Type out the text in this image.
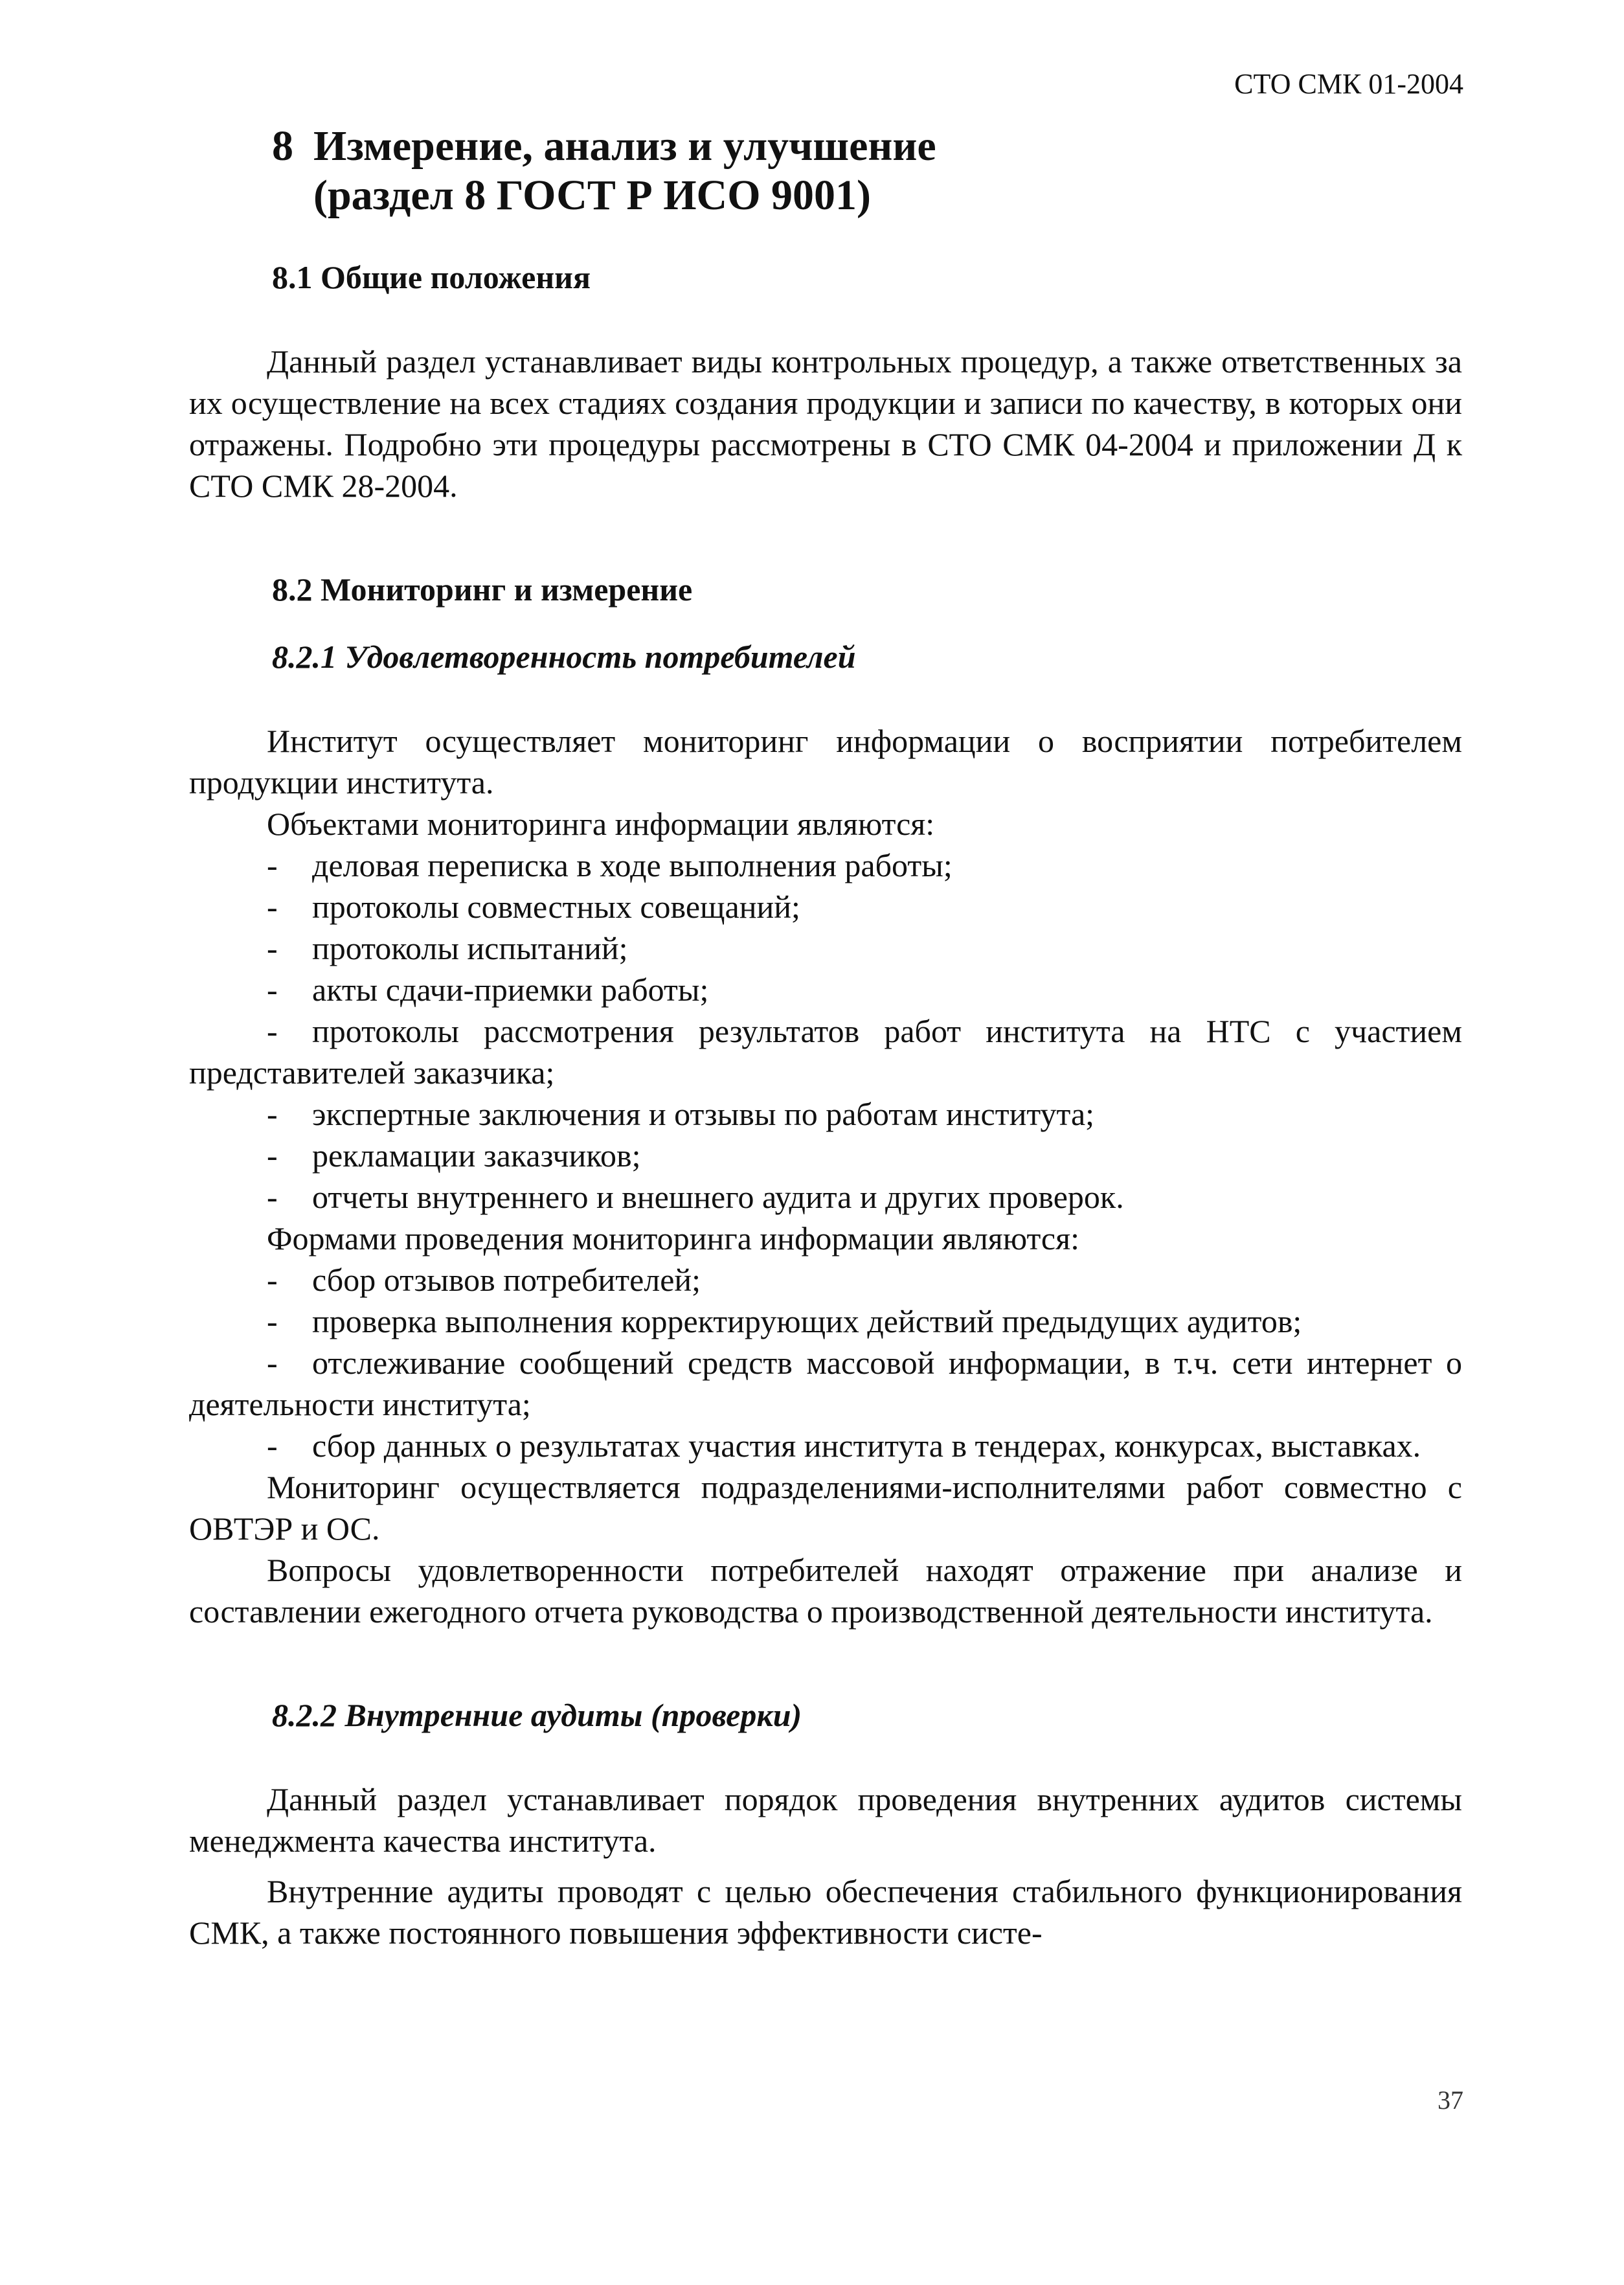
СТО СМК 01-2004
8 Измерение, анализ и улучшение
(раздел 8 ГОСТ Р ИСО 9001)
8.1 Общие положения

Данный раздел устанавливает виды контрольных процедур, а также ответственных за их осуществление на всех стадиях создания продукции и записи по качеству, в которых они отражены. Подробно эти процедуры рассмотрены в СТО СМК 04-2004 и приложении Д к СТО СМК 28-2004.

8.2 Мониторинг и измерение
8.2.1 Удовлетворенность потребителей

Институт осуществляет мониторинг информации о восприятии потребителем продукции института.

Объектами мониторинга информации являются:

- деловая переписка в ходе выполнения работы;

- протоколы совместных совещаний;

- протоколы испытаний;

- акты сдачи-приемки работы;

- протоколы рассмотрения результатов работ института на НТС с участием представителей заказчика;

- экспертные заключения и отзывы по работам института;

- рекламации заказчиков;

- отчеты внутреннего и внешнего аудита и других проверок.

Формами проведения мониторинга информации являются:

- сбор отзывов потребителей;

- проверка выполнения корректирующих действий предыдущих аудитов;

- отслеживание сообщений средств массовой информации, в т.ч. сети интернет о деятельности института;

- сбор данных о результатах участия института в тендерах, конкурсах, выставках.

Мониторинг осуществляется подразделениями-исполнителями работ совместно с ОВТЭР и ОС.

Вопросы удовлетворенности потребителей находят отражение при анализе и составлении ежегодного отчета руководства о производственной деятельности института.

8.2.2 Внутренние аудиты (проверки)

Данный раздел устанавливает порядок проведения внутренних аудитов системы менеджмента качества института.

Внутренние аудиты проводят с целью обеспечения стабильного функционирования СМК, а также постоянного повышения эффективности систе-

37
